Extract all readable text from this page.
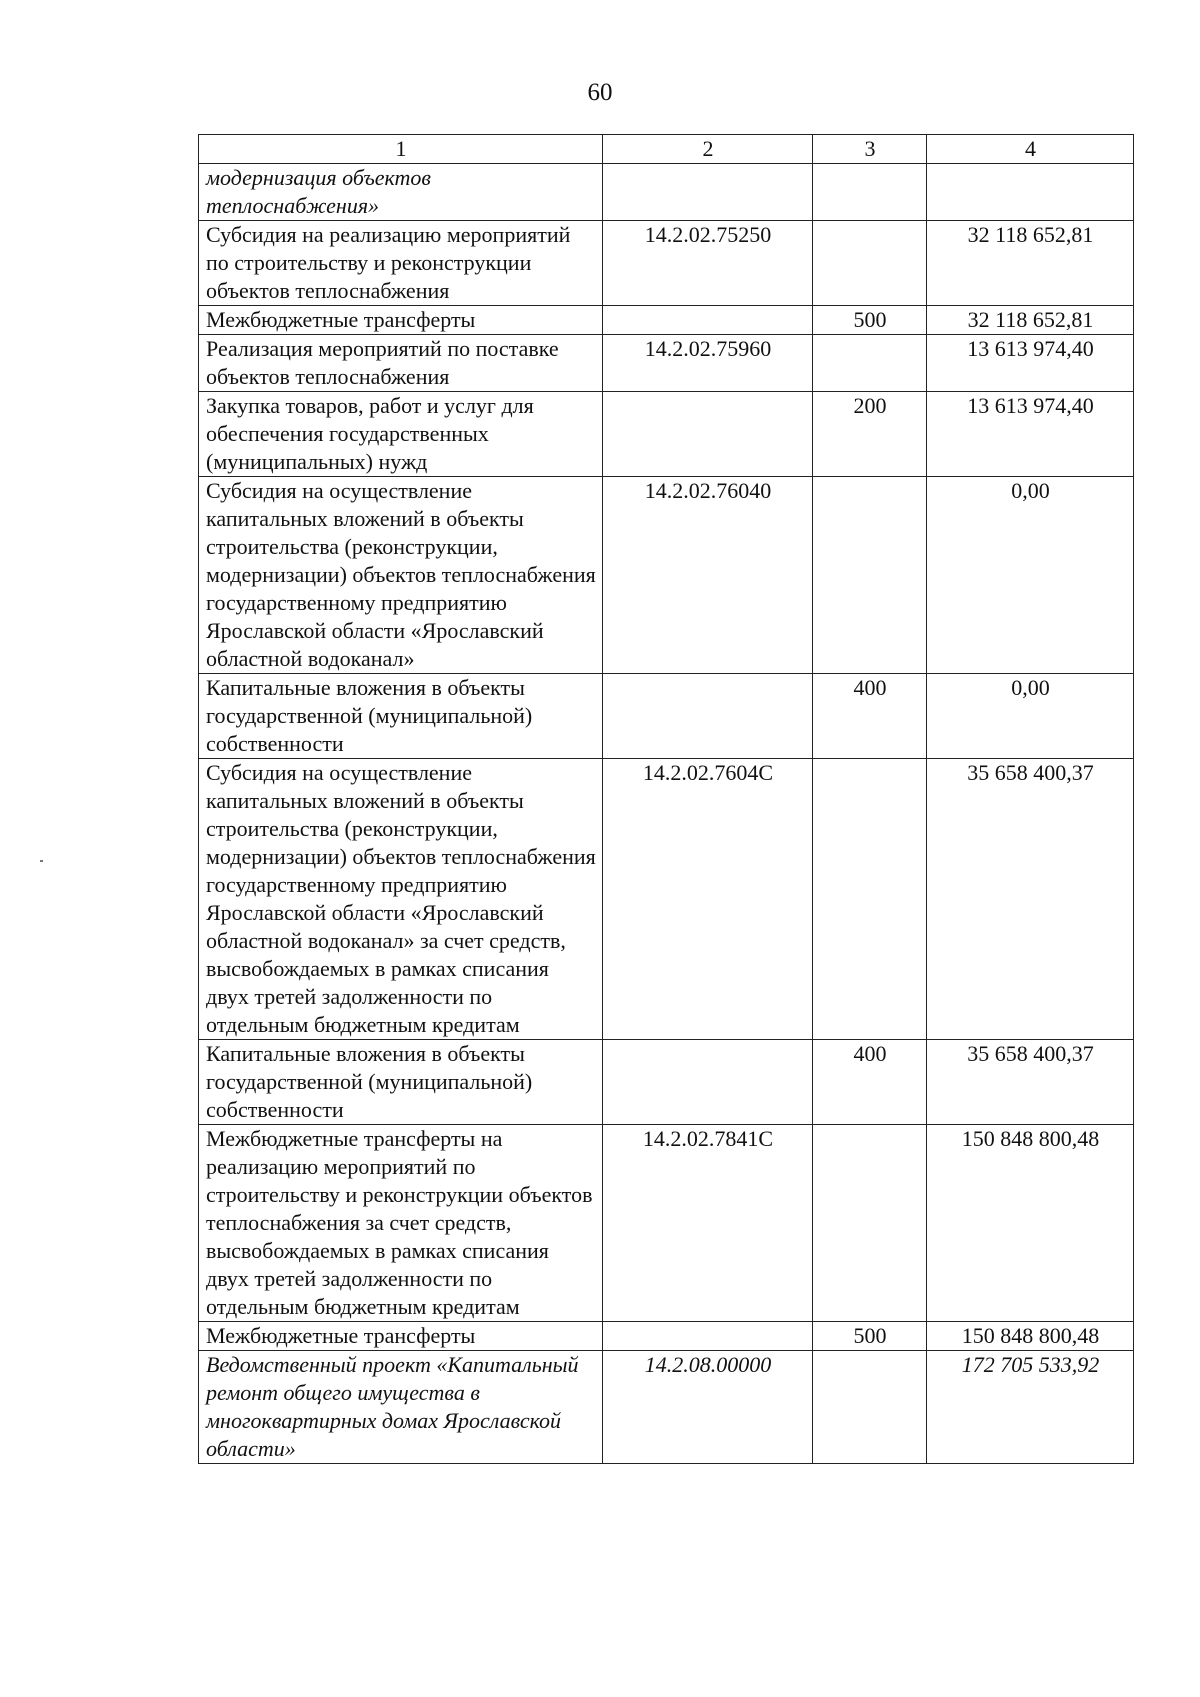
60
1	2	3	4
модернизация объектов теплоснабжения»			
Субсидия на реализацию мероприятий по строительству и реконструкции объектов теплоснабжения	14.2.02.75250		32 118 652,81
Межбюджетные трансферты		500	32 118 652,81
Реализация мероприятий по поставке объектов теплоснабжения	14.2.02.75960		13 613 974,40
Закупка товаров, работ и услуг для обеспечения государственных (муниципальных) нужд		200	13 613 974,40
Субсидия на осуществление капитальных вложений в объекты строительства (реконструкции, модернизации) объектов теплоснабжения государственному предприятию Ярославской области «Ярославский областной водоканал»	14.2.02.76040		0,00
Капитальные вложения в объекты государственной (муниципальной) собственности		400	0,00
Субсидия на осуществление капитальных вложений в объекты строительства (реконструкции, модернизации) объектов теплоснабжения государственному предприятию Ярославской области «Ярославский областной водоканал» за счет средств, высвобождаемых в рамках списания двух третей задолженности по отдельным бюджетным кредитам	14.2.02.7604C		35 658 400,37
Капитальные вложения в объекты государственной (муниципальной) собственности		400	35 658 400,37
Межбюджетные трансферты на реализацию мероприятий по строительству и реконструкции объектов теплоснабжения за счет средств, высвобождаемых в рамках списания двух третей задолженности по отдельным бюджетным кредитам	14.2.02.7841C		150 848 800,48
Межбюджетные трансферты		500	150 848 800,48
Ведомственный проект «Капитальный ремонт общего имущества в многоквартирных домах Ярославской области»	14.2.08.00000		172 705 533,92
